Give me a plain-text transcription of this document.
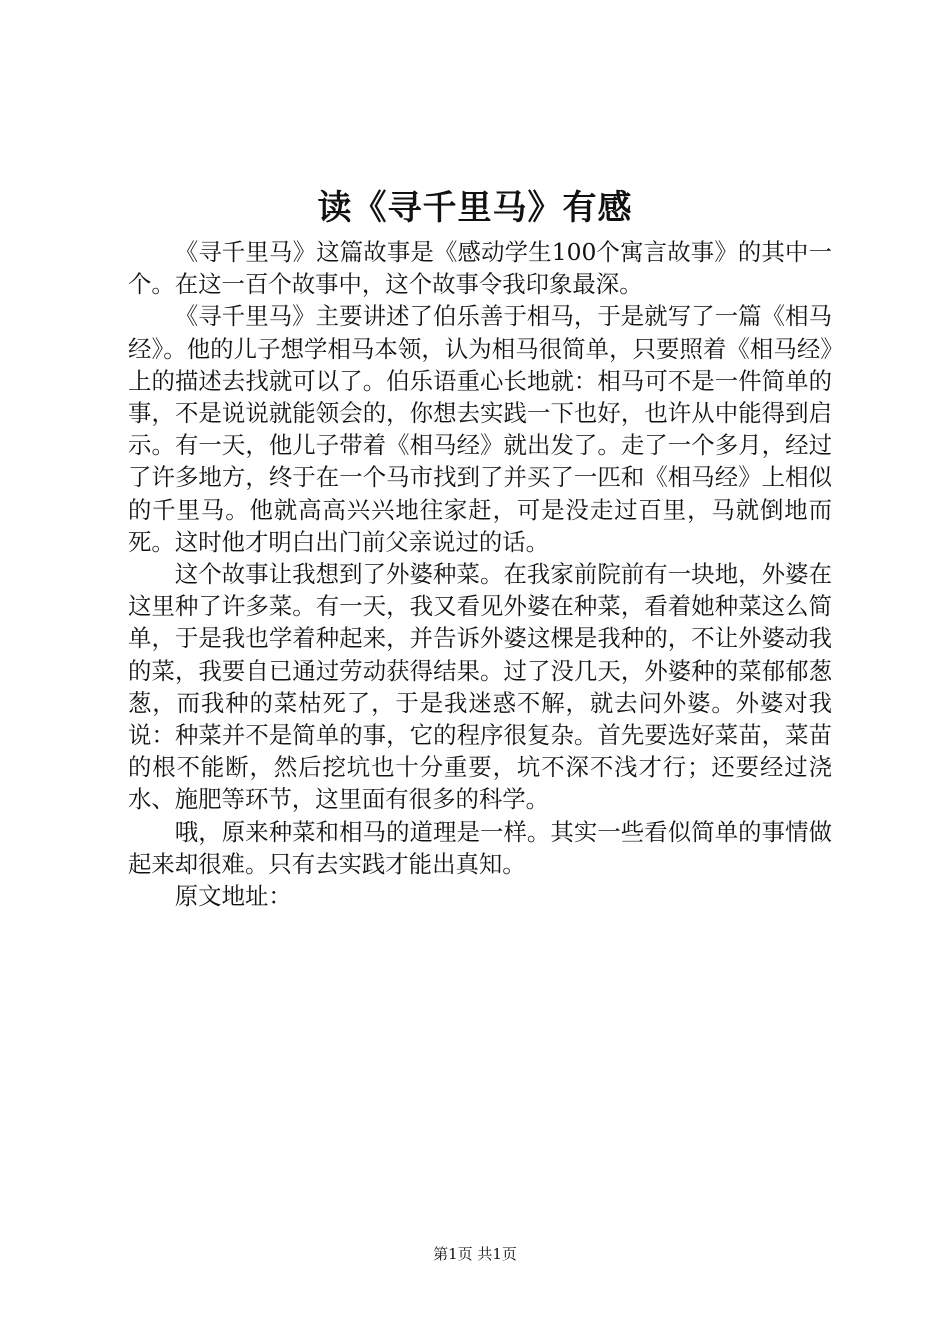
读《寻千里马》有感

《寻千里马》这篇故事是《感动学生100个寓言故事》的其中一个。在这一百个故事中，这个故事令我印象最深。

《寻千里马》主要讲述了伯乐善于相马，于是就写了一篇《相马经》。他的儿子想学相马本领，认为相马很简单，只要照着《相马经》上的描述去找就可以了。伯乐语重心长地就：相马可不是一件简单的事，不是说说就能领会的，你想去实践一下也好，也许从中能得到启示。有一天，他儿子带着《相马经》就出发了。走了一个多月，经过了许多地方，终于在一个马市找到了并买了一匹和《相马经》上相似的千里马。他就高高兴兴地往家赶，可是没走过百里，马就倒地而死。这时他才明白出门前父亲说过的话。

这个故事让我想到了外婆种菜。在我家前院前有一块地，外婆在这里种了许多菜。有一天，我又看见外婆在种菜，看着她种菜这么简单，于是我也学着种起来，并告诉外婆这棵是我种的，不让外婆动我的菜，我要自已通过劳动获得结果。过了没几天，外婆种的菜郁郁葱葱，而我种的菜枯死了，于是我迷惑不解，就去问外婆。外婆对我说：种菜并不是简单的事，它的程序很复杂。首先要选好菜苗，菜苗的根不能断，然后挖坑也十分重要，坑不深不浅才行；还要经过浇水、施肥等环节，这里面有很多的科学。

哦，原来种菜和相马的道理是一样。其实一些看似简单的事情做起来却很难。只有去实践才能出真知。

原文地址：

第1页 共1页
